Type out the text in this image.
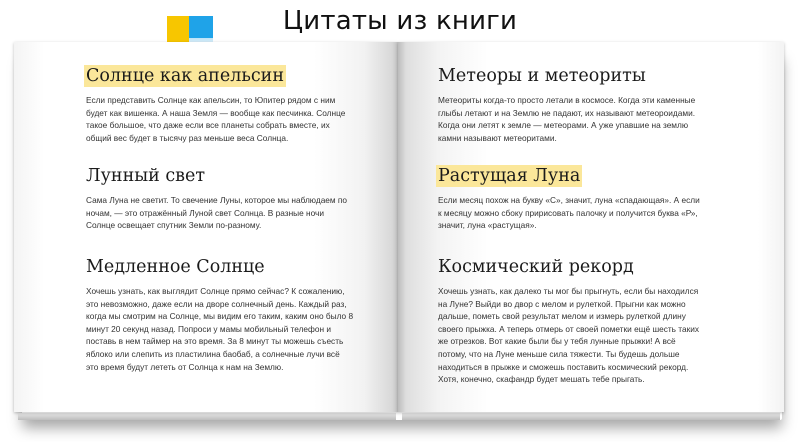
Цитаты из книги
Солнце как апельсин
Если представить Солнце как апельсин, то Юпитер рядом с ним
будет как вишенка. А наша Земля — вообще как песчинка. Солнце
такое большое, что даже если все планеты собрать вместе, их
общий вес будет в тысячу раз меньше веса Солнца.
Лунный свет
Сама Луна не светит. То свечение Луны, которое мы наблюдаем по
ночам, — это отражённый Луной свет Солнца. В разные ночи
Солнце освещает спутник Земли по-разному.
Медленное Солнце
Хочешь узнать, как выглядит Солнце прямо сейчас? К сожалению,
это невозможно, даже если на дворе солнечный день. Каждый раз,
когда мы смотрим на Солнце, мы видим его таким, каким оно было 8
минут 20 секунд назад. Попроси у мамы мобильный телефон и
поставь в нем таймер на это время. За 8 минут ты можешь съесть
яблоко или слепить из пластилина баобаб, а солнечные лучи всё
это время будут лететь от Солнца к нам на Землю.
Метеоры и метеориты
Метеориты когда-то просто летали в космосе. Когда эти каменные
глыбы летают и на Землю не падают, их называют метеороидами.
Когда они летят к земле — метеорами. А уже упавшие на землю
камни называют метеоритами.
Растущая Луна
Если месяц похож на букву «С», значит, луна «спадающая». А если
к месяцу можно сбоку пририсовать палочку и получится буква «Р»,
значит, луна «растущая».
Космический рекорд
Хочешь узнать, как далеко ты мог бы прыгнуть, если бы находился
на Луне? Выйди во двор с мелом и рулеткой. Прыгни как можно
дальше, пометь свой результат мелом и измерь рулеткой длину
своего прыжка. А теперь отмерь от своей пометки ещё шесть таких
же отрезков. Вот какие были бы у тебя лунные прыжки! А всё
потому, что на Луне меньше сила тяжести. Ты будешь дольше
находиться в прыжке и сможешь поставить космический рекорд.
Хотя, конечно, скафандр будет мешать тебе прыгать.
